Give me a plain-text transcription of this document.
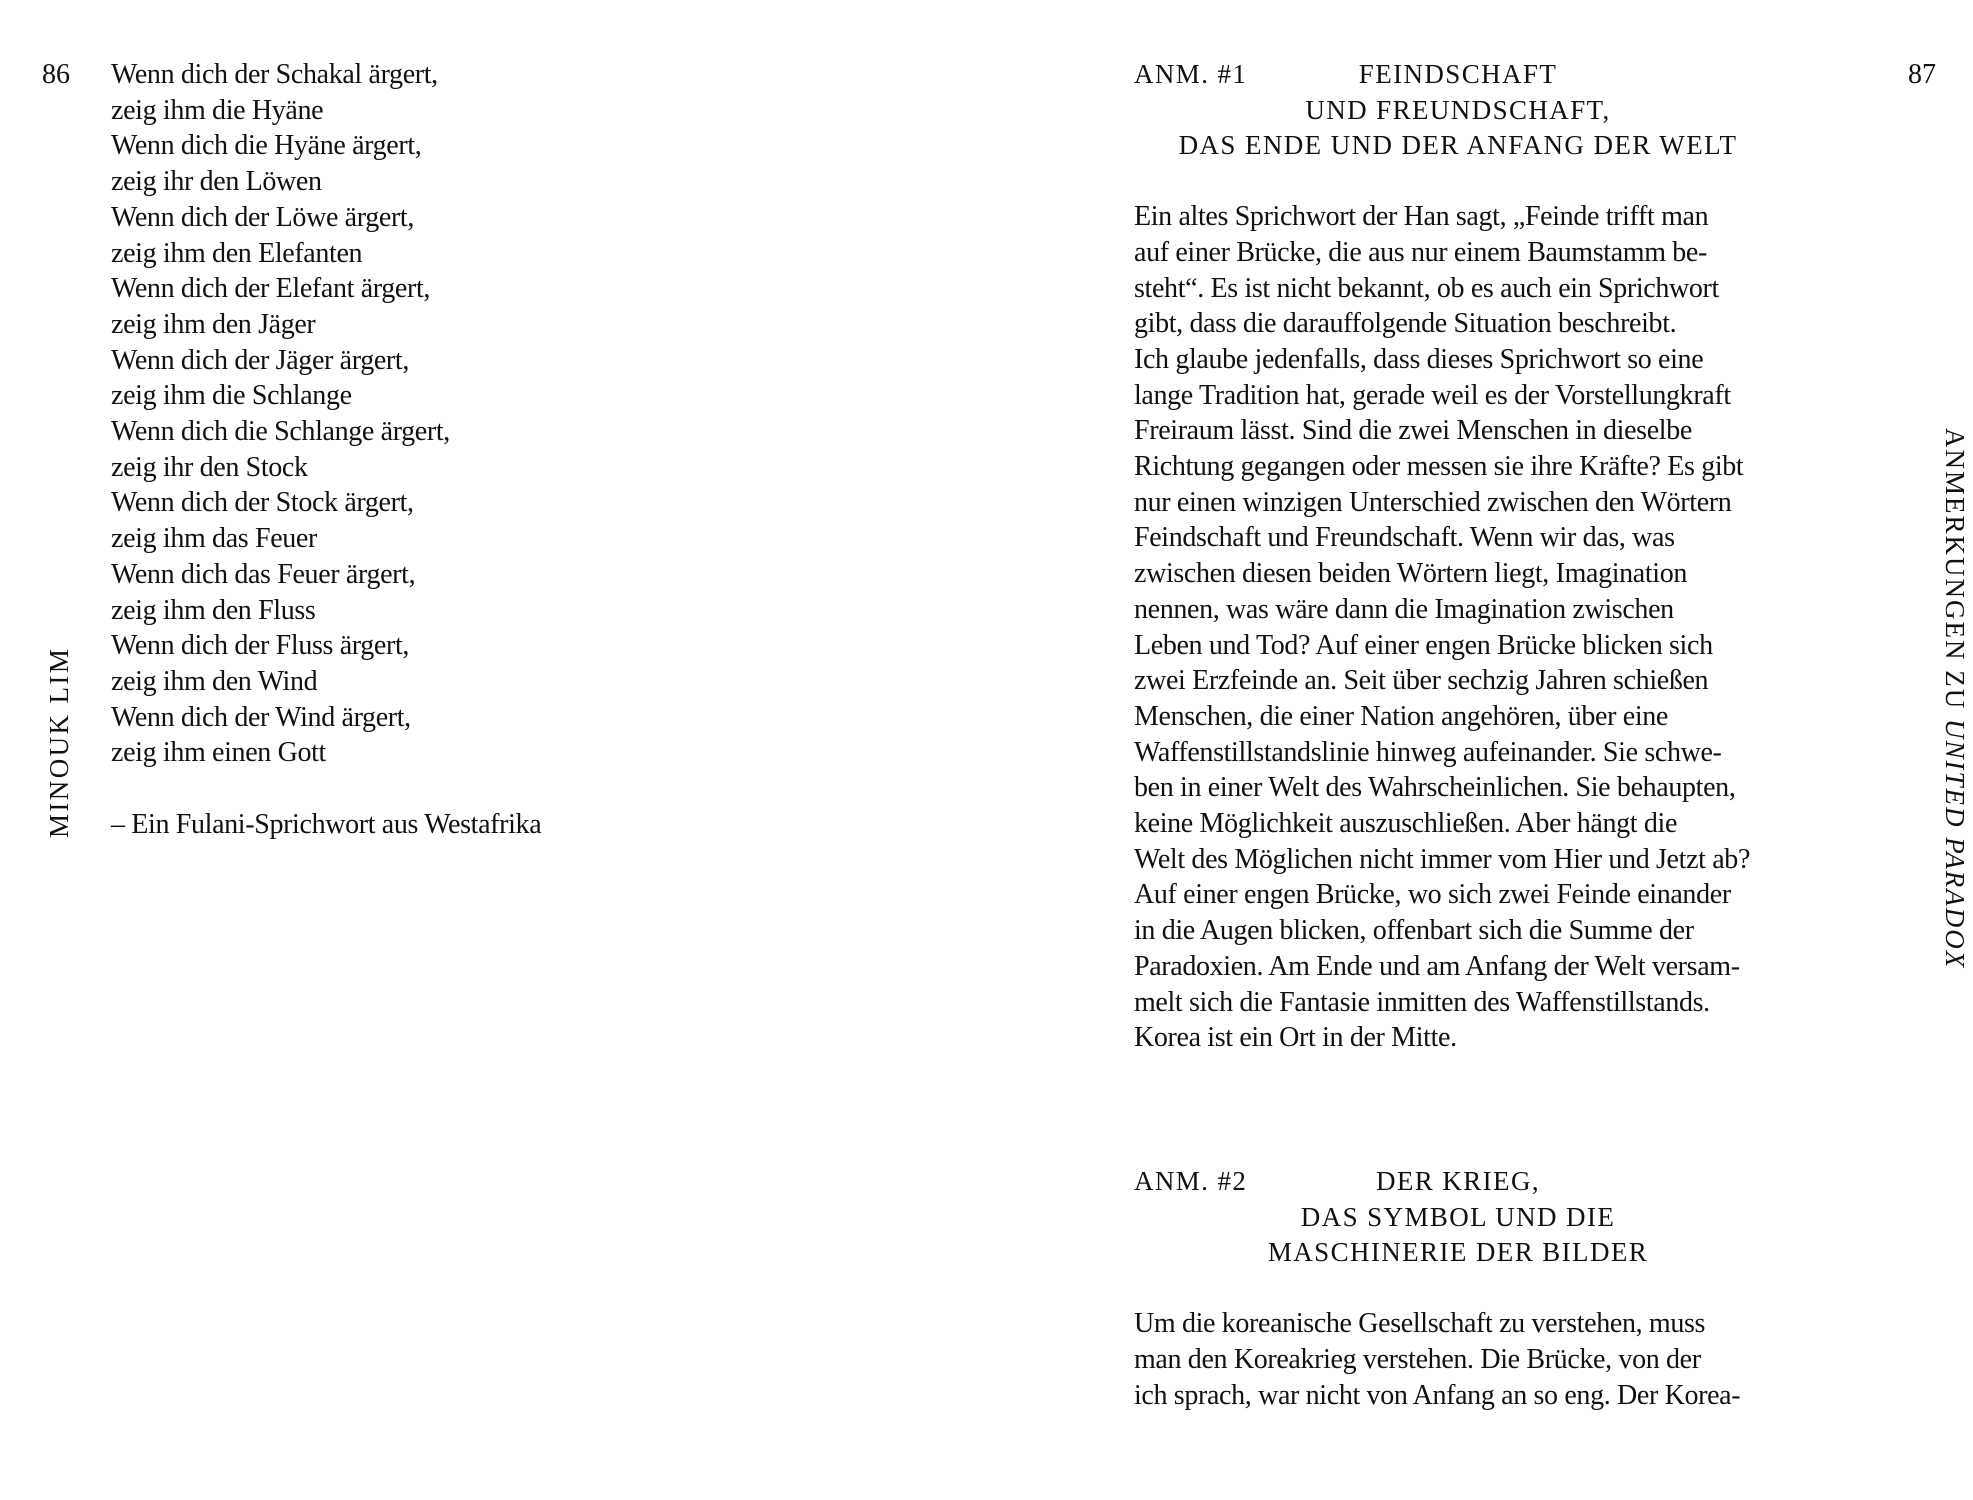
86
MINOUK LIM
Wenn dich der Schakal ärgert,
zeig ihm die Hyäne
Wenn dich die Hyäne ärgert,
zeig ihr den Löwen
Wenn dich der Löwe ärgert,
zeig ihm den Elefanten
Wenn dich der Elefant ärgert,
zeig ihm den Jäger
Wenn dich der Jäger ärgert,
zeig ihm die Schlange
Wenn dich die Schlange ärgert,
zeig ihr den Stock
Wenn dich der Stock ärgert,
zeig ihm das Feuer
Wenn dich das Feuer ärgert,
zeig ihm den Fluss
Wenn dich der Fluss ärgert,
zeig ihm den Wind
Wenn dich der Wind ärgert,
zeig ihm einen Gott
– Ein Fulani-Sprichwort aus Westafrika
87
ANMERKUNGEN ZU UNITED PARADOX
ANM. #1	FEINDSCHAFT
UND FREUNDSCHAFT,
DAS ENDE UND DER ANFANG DER WELT
Ein altes Sprichwort der Han sagt, „Feinde trifft man
auf einer Brücke, die aus nur einem Baumstamm be-
steht“. Es ist nicht bekannt, ob es auch ein Sprichwort
gibt, dass die darauffolgende Situation beschreibt.
Ich glaube jedenfalls, dass dieses Sprichwort so eine
lange Tradition hat, gerade weil es der Vorstellungkraft
Freiraum lässt. Sind die zwei Menschen in dieselbe
Richtung gegangen oder messen sie ihre Kräfte? Es gibt
nur einen winzigen Unterschied zwischen den Wörtern
Feindschaft und Freundschaft. Wenn wir das, was
zwischen diesen beiden Wörtern liegt, Imagination
nennen, was wäre dann die Imagination zwischen
Leben und Tod? Auf einer engen Brücke blicken sich
zwei Erzfeinde an. Seit über sechzig Jahren schießen
Menschen, die einer Nation angehören, über eine
Waffenstillstandslinie hinweg aufeinander. Sie schwe-
ben in einer Welt des Wahrscheinlichen. Sie behaupten,
keine Möglichkeit auszuschließen. Aber hängt die
Welt des Möglichen nicht immer vom Hier und Jetzt ab?
Auf einer engen Brücke, wo sich zwei Feinde einander
in die Augen blicken, offenbart sich die Summe der
Paradoxien. Am Ende und am Anfang der Welt versam-
melt sich die Fantasie inmitten des Waffenstillstands.
Korea ist ein Ort in der Mitte.
ANM. #2	DER KRIEG,
DAS SYMBOL UND DIE
MASCHINERIE DER BILDER
Um die koreanische Gesellschaft zu verstehen, muss
man den Koreakrieg verstehen. Die Brücke, von der
ich sprach, war nicht von Anfang an so eng. Der Korea-
